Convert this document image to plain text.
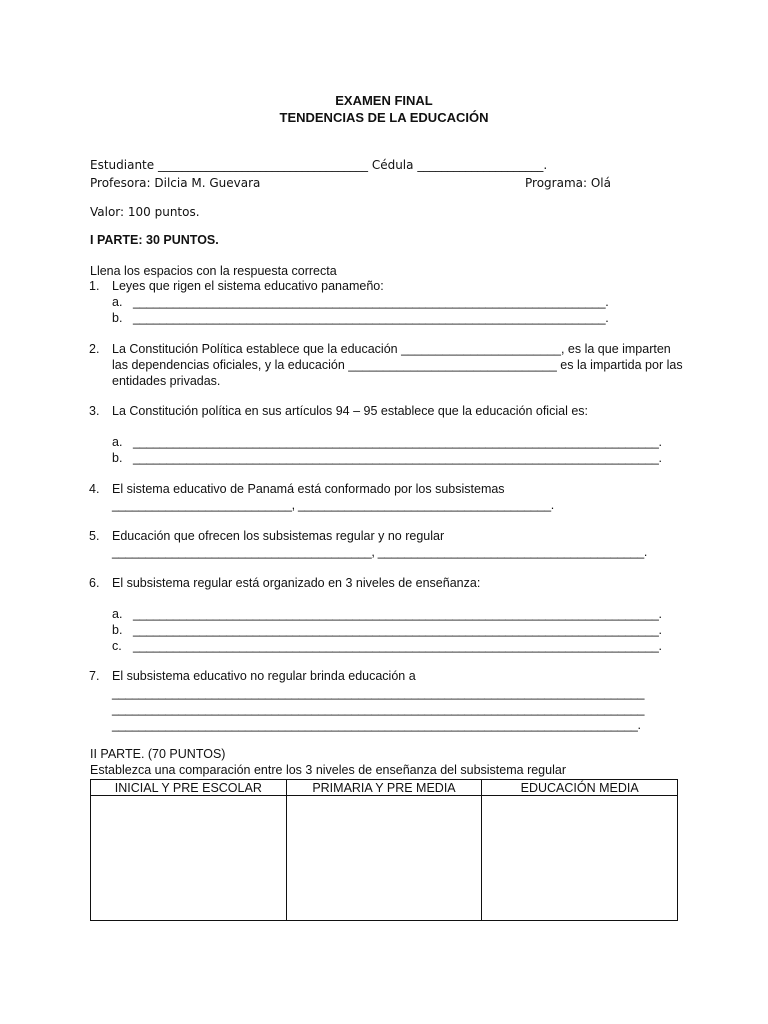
EXAMEN FINAL
TENDENCIAS DE LA EDUCACIÓN
Estudiante ___________________________________ Cédula _____________________.
Profesora: Dilcia M. Guevara	Programa: Olá
Valor: 100 puntos.
I PARTE: 30 PUNTOS.
Llena los espacios con la respuesta correcta
1. Leyes que rigen el sistema educativo panameño:
a. _______________________________________________________________________.
b. _______________________________________________________________________.
2. La Constitución Política establece que la educación _______________________, es la que imparten
las dependencias oficiales, y la educación ______________________________ es la impartida por las
entidades privadas.
3. La Constitución política en sus artículos 94 – 95 establece que la educación oficial es:
a. _______________________________________________________________________________.
b. _______________________________________________________________________________.
4. El sistema educativo de Panamá está conformado por los subsistemas
___________________________, ______________________________________.
5. Educación que ofrecen los subsistemas regular y no regular
_______________________________________, ________________________________________.
6. El subsistema regular está organizado en 3 niveles de enseñanza:
a. _______________________________________________________________________________.
b. _______________________________________________________________________________.
c. _______________________________________________________________________________.
7. El subsistema educativo no regular brinda educación a
________________________________________________________________________________
________________________________________________________________________________
_______________________________________________________________________________.
II PARTE. (70 PUNTOS)
Establezca una comparación entre los 3 niveles de enseñanza del subsistema regular
INICIAL Y PRE ESCOLAR	PRIMARIA Y PRE MEDIA	EDUCACIÓN MEDIA
